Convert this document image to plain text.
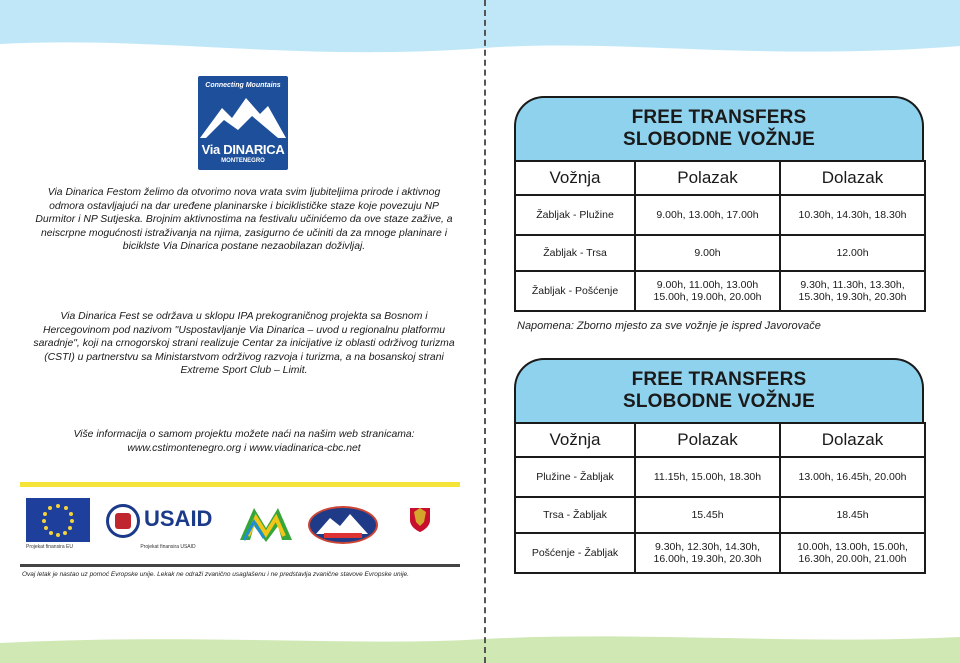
Connecting Mountains
Via DINARICA
MONTENEGRO
Via Dinarica Festom želimo da otvorimo nova vrata svim ljubiteljima prirode i aktivnog odmora ostavljajući na dar uređene planinarske i biciklističke staze koje povezuju NP Durmitor i NP Sutjeska. Brojnim aktivnostima na festivalu učinićemo da ove staze zažive, a neiscrpne mogućnosti istraživanja na njima, zasigurno će učiniti da za mnoge planinare i biciklste Via Dinarica postane nezaobilazan doživljaj.
Via Dinarica Fest se održava u sklopu IPA prekograničnog projekta sa Bosnom i Hercegovinom pod nazivom "Uspostavljanje Via Dinarica – uvod u regionalnu platformu saradnje", koji na crnogorskoj strani realizuje Centar za inicijative iz oblasti održivog turizma (CSTI) u partnerstvu sa Ministarstvom održivog razvoja i turizma, a na bosanskoj strani Extreme Sport Club – Limit.
Više informacija o samom projektu možete naći na našim web stranicama: www.cstimontenegro.org i www.viadinarica-cbc.net
Projekat finansira EU
USAID
Projekat finansira USAID
Ovaj letak je nastao uz pomoć Evropske unije. Lekak ne odraži zvanično usaglašenu i ne predstavlja zvanične stavove Evropske unije.
FREE TRANSFERS
SLOBODNE VOŽNJE
Vožnja	Polazak	Dolazak
Žabljak - Plužine	9.00h, 13.00h, 17.00h	10.30h, 14.30h, 18.30h
Žabljak - Trsa	9.00h	12.00h
Žabljak - Pošćenje	9.00h, 11.00h, 13.00h 15.00h, 19.00h, 20.00h	9.30h, 11.30h, 13.30h, 15.30h, 19.30h, 20.30h
Napomena: Zborno mjesto za sve vožnje je ispred Javorovače
FREE TRANSFERS
SLOBODNE VOŽNJE
Vožnja	Polazak	Dolazak
Plužine - Žabljak	11.15h, 15.00h, 18.30h	13.00h, 16.45h, 20.00h
Trsa - Žabljak	15.45h	18.45h
Pošćenje - Žabljak	9.30h, 12.30h, 14.30h, 16.00h, 19.30h, 20.30h	10.00h, 13.00h, 15.00h, 16.30h, 20.00h, 21.00h
